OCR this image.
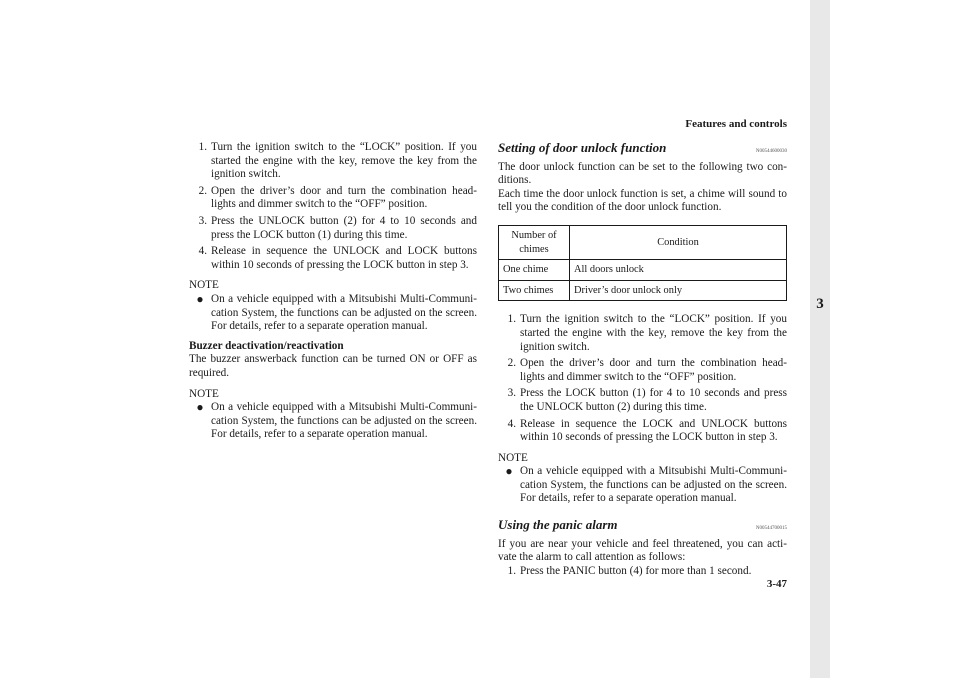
Features and controls
3
1. Turn the ignition switch to the “LOCK” position. If you started the engine with the key, remove the key from the ignition switch.
2. Open the driver’s door and turn the combination head-lights and dimmer switch to the “OFF” position.
3. Press the UNLOCK button (2) for 4 to 10 seconds and press the LOCK button (1) during this time.
4. Release in sequence the UNLOCK and LOCK buttons within 10 seconds of pressing the LOCK button in step 3.
NOTE
● On a vehicle equipped with a Mitsubishi Multi-Communi-cation System, the functions can be adjusted on the screen. For details, refer to a separate operation manual.
Buzzer deactivation/reactivation

The buzzer answerback function can be turned ON or OFF as required.

NOTE
● On a vehicle equipped with a Mitsubishi Multi-Communi-cation System, the functions can be adjusted on the screen. For details, refer to a separate operation manual.
Setting of door unlock function	N00544600030

The door unlock function can be set to the following two con-ditions.

Each time the door unlock function is set, a chime will sound to tell you the condition of the door unlock function.

Number of chimes	Condition
One chime	All doors unlock
Two chimes	Driver’s door unlock only
1. Turn the ignition switch to the “LOCK” position. If you started the engine with the key, remove the key from the ignition switch.
2. Open the driver’s door and turn the combination head-lights and dimmer switch to the “OFF” position.
3. Press the LOCK button (1) for 4 to 10 seconds and press the UNLOCK button (2) during this time.
4. Release in sequence the LOCK and UNLOCK buttons within 10 seconds of pressing the LOCK button in step 3.
NOTE
● On a vehicle equipped with a Mitsubishi Multi-Communi-cation System, the functions can be adjusted on the screen. For details, refer to a separate operation manual.
Using the panic alarm	N00544700015

If you are near your vehicle and feel threatened, you can acti-vate the alarm to call attention as follows:

1. Press the PANIC button (4) for more than 1 second.
3-47
